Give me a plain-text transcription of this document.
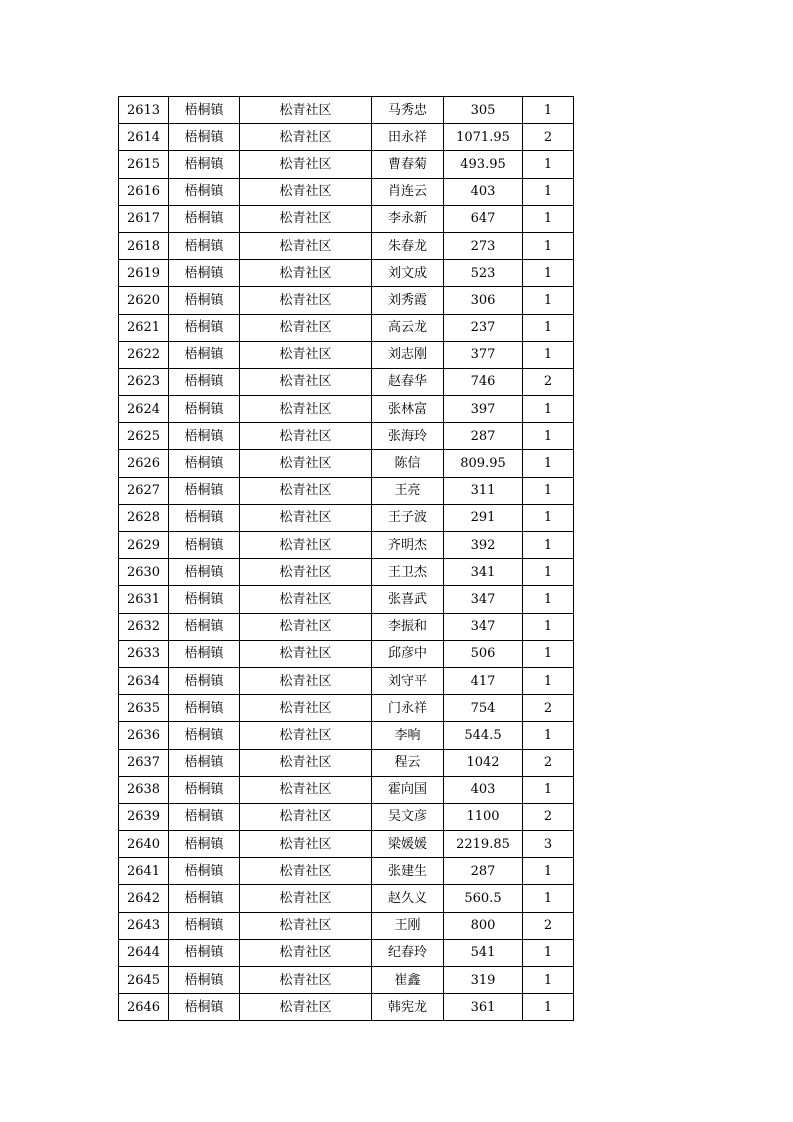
2613	梧桐镇	松青社区	马秀忠	305	1
2614	梧桐镇	松青社区	田永祥	1071.95	2
2615	梧桐镇	松青社区	曹春菊	493.95	1
2616	梧桐镇	松青社区	肖连云	403	1
2617	梧桐镇	松青社区	李永新	647	1
2618	梧桐镇	松青社区	朱春龙	273	1
2619	梧桐镇	松青社区	刘文成	523	1
2620	梧桐镇	松青社区	刘秀霞	306	1
2621	梧桐镇	松青社区	高云龙	237	1
2622	梧桐镇	松青社区	刘志刚	377	1
2623	梧桐镇	松青社区	赵春华	746	2
2624	梧桐镇	松青社区	张林富	397	1
2625	梧桐镇	松青社区	张海玲	287	1
2626	梧桐镇	松青社区	陈信	809.95	1
2627	梧桐镇	松青社区	王亮	311	1
2628	梧桐镇	松青社区	王子波	291	1
2629	梧桐镇	松青社区	齐明杰	392	1
2630	梧桐镇	松青社区	王卫杰	341	1
2631	梧桐镇	松青社区	张喜武	347	1
2632	梧桐镇	松青社区	李振和	347	1
2633	梧桐镇	松青社区	邱彦中	506	1
2634	梧桐镇	松青社区	刘守平	417	1
2635	梧桐镇	松青社区	门永祥	754	2
2636	梧桐镇	松青社区	李响	544.5	1
2637	梧桐镇	松青社区	程云	1042	2
2638	梧桐镇	松青社区	霍向国	403	1
2639	梧桐镇	松青社区	吴文彦	1100	2
2640	梧桐镇	松青社区	梁媛媛	2219.85	3
2641	梧桐镇	松青社区	张建生	287	1
2642	梧桐镇	松青社区	赵久义	560.5	1
2643	梧桐镇	松青社区	王刚	800	2
2644	梧桐镇	松青社区	纪春玲	541	1
2645	梧桐镇	松青社区	崔鑫	319	1
2646	梧桐镇	松青社区	韩宪龙	361	1
